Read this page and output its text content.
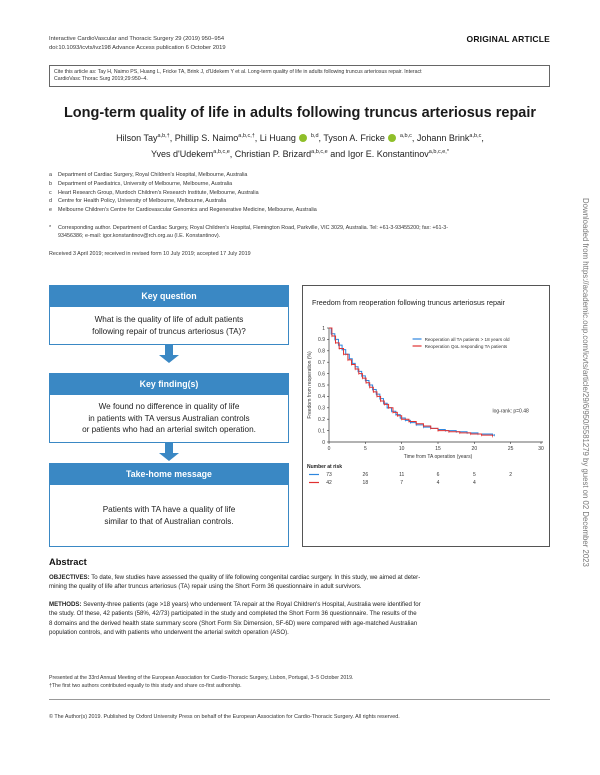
Interactive CardioVascular and Thoracic Surgery 29 (2019) 950–954
doi:10.1093/icvts/ivz198 Advance Access publication 6 October 2019
ORIGINAL ARTICLE
Cite this article as: Tay H, Naimo PS, Huang L, Fricke TA, Brink J, d'Udekem Y et al. Long-term quality of life in adults following truncus arteriosus repair. Interact
CardioVasc Thorac Surg 2019;29:950–4.
Long-term quality of life in adults following truncus arteriosus repair
Hilson Tay$^{a,b,\dagger}$, Phillip S. Naimo$^{a,b,c,\dagger}$, Li Huang	$^{b,d}$, Tyson A. Fricke	$^{a,b,c}$, Johann Brink$^{a,b,c}$,
Yves d'Udekem$^{a,b,c,e}$, Christian P. Brizard$^{a,b,c,e}$ and Igor E. Konstantinov$^{a,b,c,e,*}$
a Department of Cardiac Surgery, Royal Children's Hospital, Melbourne, Australia
b Department of Paediatrics, University of Melbourne, Melbourne, Australia
c Heart Research Group, Murdoch Children's Research Institute, Melbourne, Australia
d Centre for Health Policy, University of Melbourne, Melbourne, Australia
e Melbourne Children's Centre for Cardiovascular Genomics and Regenerative Medicine, Melbourne, Australia
* Corresponding author. Department of Cardiac Surgery, Royal Children's Hospital, Flemington Road, Parkville, VIC 3029, Australia. Tel: +61-3-93455200; fax: +61-3-
93456386; e-mail: igor.konstantinov@rch.org.au (I.E. Konstantinov).
Received 3 April 2019; received in revised form 10 July 2019; accepted 17 July 2019	Downloaded from https://academic.oup.com/icvts/article/29/6/950/5581279 by guest on 02 December 2023
Key question
What is the quality of life of adult patients
following repair of truncus arteriosus (TA)?
Key finding(s)
We found no difference in quality of life
in patients with TA versus Australian controls
or patients who had an arterial switch operation.
Take-home message
Patients with TA have a quality of life
similar to that of Australian controls.
Freedom from reoperation following truncus arteriosus repair
0
0.1
0.2
0.3
0.4
0.5
0.6
0.7
0.8
0.9
1
0	5	10	15	20	25	30
Time from TA operation (years)
Freedom from reoperation (%)
Reoperation all TA patients > 18 years old
Reoperation QoL responding TA patients
log-rank: p=0.48
Number at risk
73	26	11	6	5	2
42	18	7	4	4
Abstract
OBJECTIVES: To date, few studies have assessed the quality of life following congenital cardiac surgery. In this study, we aimed at deter-
mining the quality of life after truncus arteriosus (TA) repair using the Short Form 36 questionnaire in adult survivors.
METHODS: Seventy-three patients (age >18 years) who underwent TA repair at the Royal Children's Hospital, Australia were identified for
the study. Of these, 42 patients (58%, 42/73) participated in the study and completed the Short Form 36 questionnaire. The results of the
8 domains and the derived health state summary score (Short Form Six Dimension, SF-6D) were compared with age-matched Australian
population controls, and with patients who underwent the arterial switch operation (ASO).
Presented at the 33rd Annual Meeting of the European Association for Cardio-Thoracic Surgery, Lisbon, Portugal, 3–5 October 2019.
†The first two authors contributed equally to this study and share co-first authorship.
© The Author(s) 2019. Published by Oxford University Press on behalf of the European Association for Cardio-Thoracic Surgery. All rights reserved.
